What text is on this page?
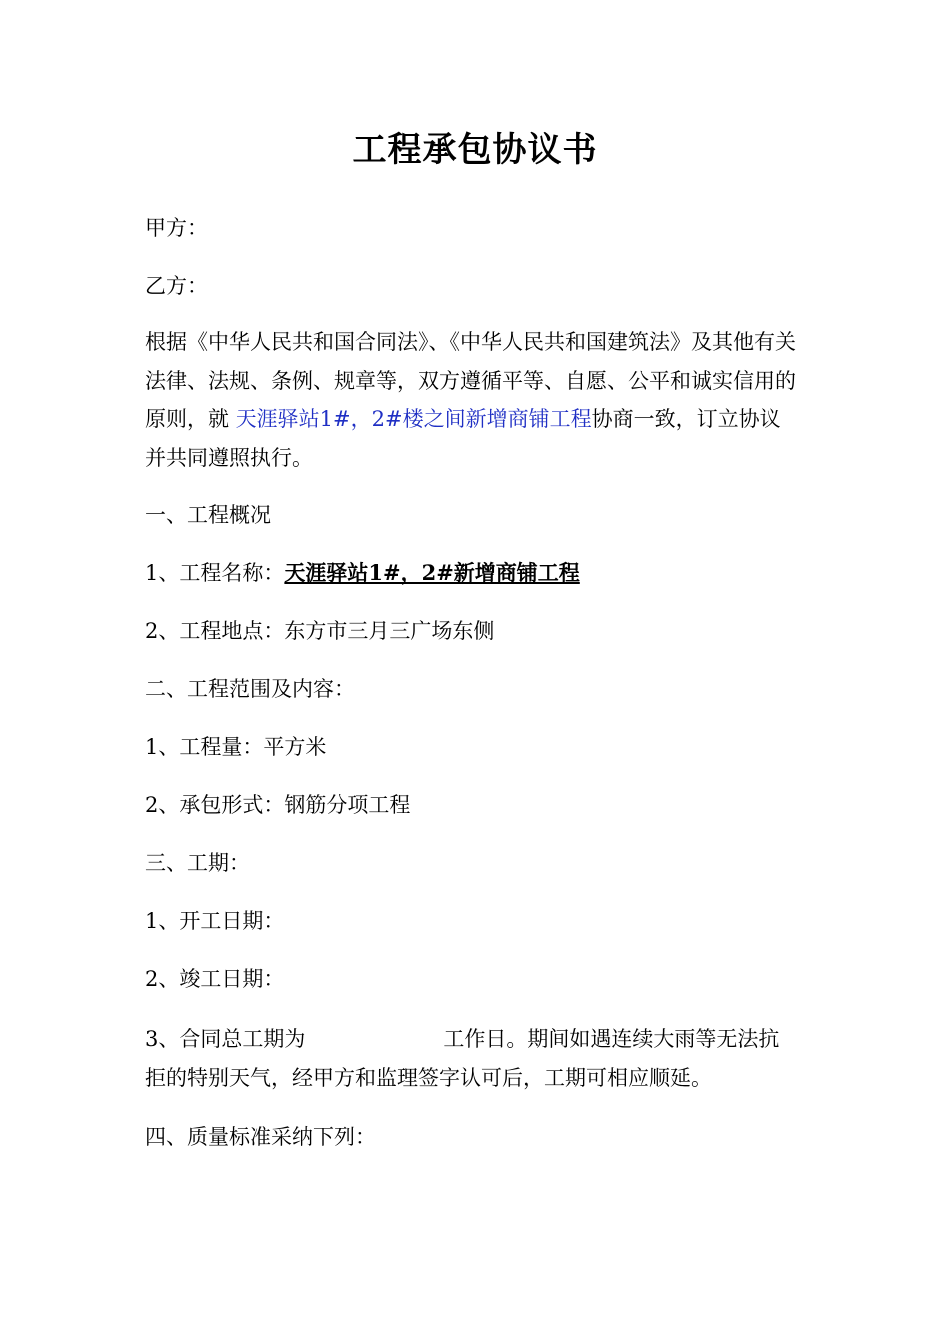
工程承包协议书
甲方：
乙方：
根据《中华人民共和国合同法》、《中华人民共和国建筑法》及其他有关法律、法规、条例、规章等，双方遵循平等、自愿、公平和诚实信用的原则，就 天涯驿站1#，2#楼之间新增商铺工程协商一致，订立协议并共同遵照执行。
一、工程概况
1、工程名称：天涯驿站1#，2#新增商铺工程
2、工程地点：东方市三月三广场东侧
二、工程范围及内容：
1、工程量：平方米
2、承包形式：钢筋分项工程
三、工期：
1、开工日期：
2、竣工日期：
3、合同总工期为	工作日。期间如遇连续大雨等无法抗拒的特别天气，经甲方和监理签字认可后，工期可相应顺延。
四、质量标准采纳下列：
